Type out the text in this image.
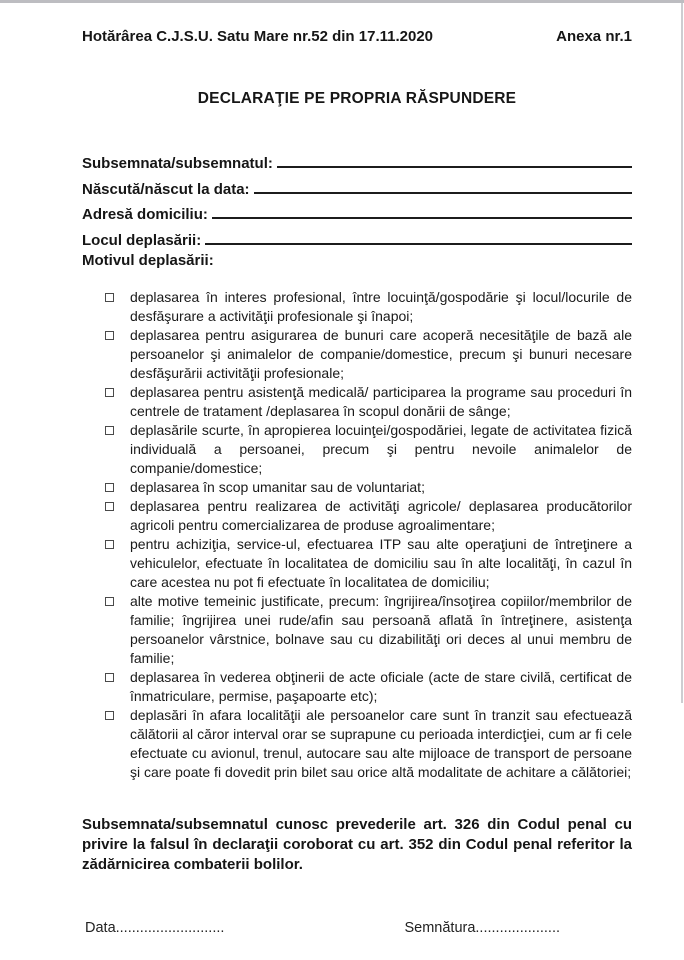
Hotărârea C.J.S.U. Satu Mare nr.52 din 17.11.2020	Anexa nr.1
DECLARAŢIE PE PROPRIA RĂSPUNDERE
Subsemnata/subsemnatul:
Născută/născut la data:
Adresă domiciliu:
Locul deplasării:
Motivul deplasării:
deplasarea în interes profesional, între locuinţă/gospodărie şi locul/locurile de desfăşurare a activităţii profesionale şi înapoi;
deplasarea pentru asigurarea de bunuri care acoperă necesităţile de bază ale persoanelor şi animalelor de companie/domestice, precum şi bunuri necesare desfăşurării activităţii profesionale;
deplasarea pentru asistenţă medicală/ participarea la programe sau proceduri în centrele de tratament /deplasarea în scopul donării de sânge;
deplasările scurte, în apropierea locuinţei/gospodăriei, legate de activitatea fizică individuală a persoanei, precum şi pentru nevoile animalelor de companie/domestice;
deplasarea în scop umanitar sau de voluntariat;
deplasarea pentru realizarea de activităţi agricole/ deplasarea producătorilor agricoli pentru comercializarea de produse agroalimentare;
pentru achiziţia, service-ul, efectuarea ITP sau alte operaţiuni de întreţinere a vehiculelor, efectuate în localitatea de domiciliu sau în alte localităţi, în cazul în care acestea nu pot fi efectuate în localitatea de domiciliu;
alte motive temeinic justificate, precum: îngrijirea/însoţirea copiilor/membrilor de familie; îngrijirea unei rude/afin sau persoană aflată în întreţinere, asistenţa persoanelor vârstnice, bolnave sau cu dizabilităţi ori deces al unui membru de familie;
deplasarea în vederea obţinerii de acte oficiale (acte de stare civilă, certificat de înmatriculare, permise, paşapoarte etc);
deplasări în afara localităţii ale persoanelor care sunt în tranzit sau efectuează călătorii al căror interval orar se suprapune cu perioada interdicţiei, cum ar fi cele efectuate cu avionul, trenul, autocare sau alte mijloace de transport de persoane şi care poate fi dovedit prin bilet sau orice altă modalitate de achitare a călătoriei;
Subsemnata/subsemnatul cunosc prevederile art. 326 din Codul penal cu privire la falsul în declaraţii coroborat cu art. 352 din Codul penal referitor la zădărnicirea combaterii bolilor.
Data...........................	Semnătura.....................
